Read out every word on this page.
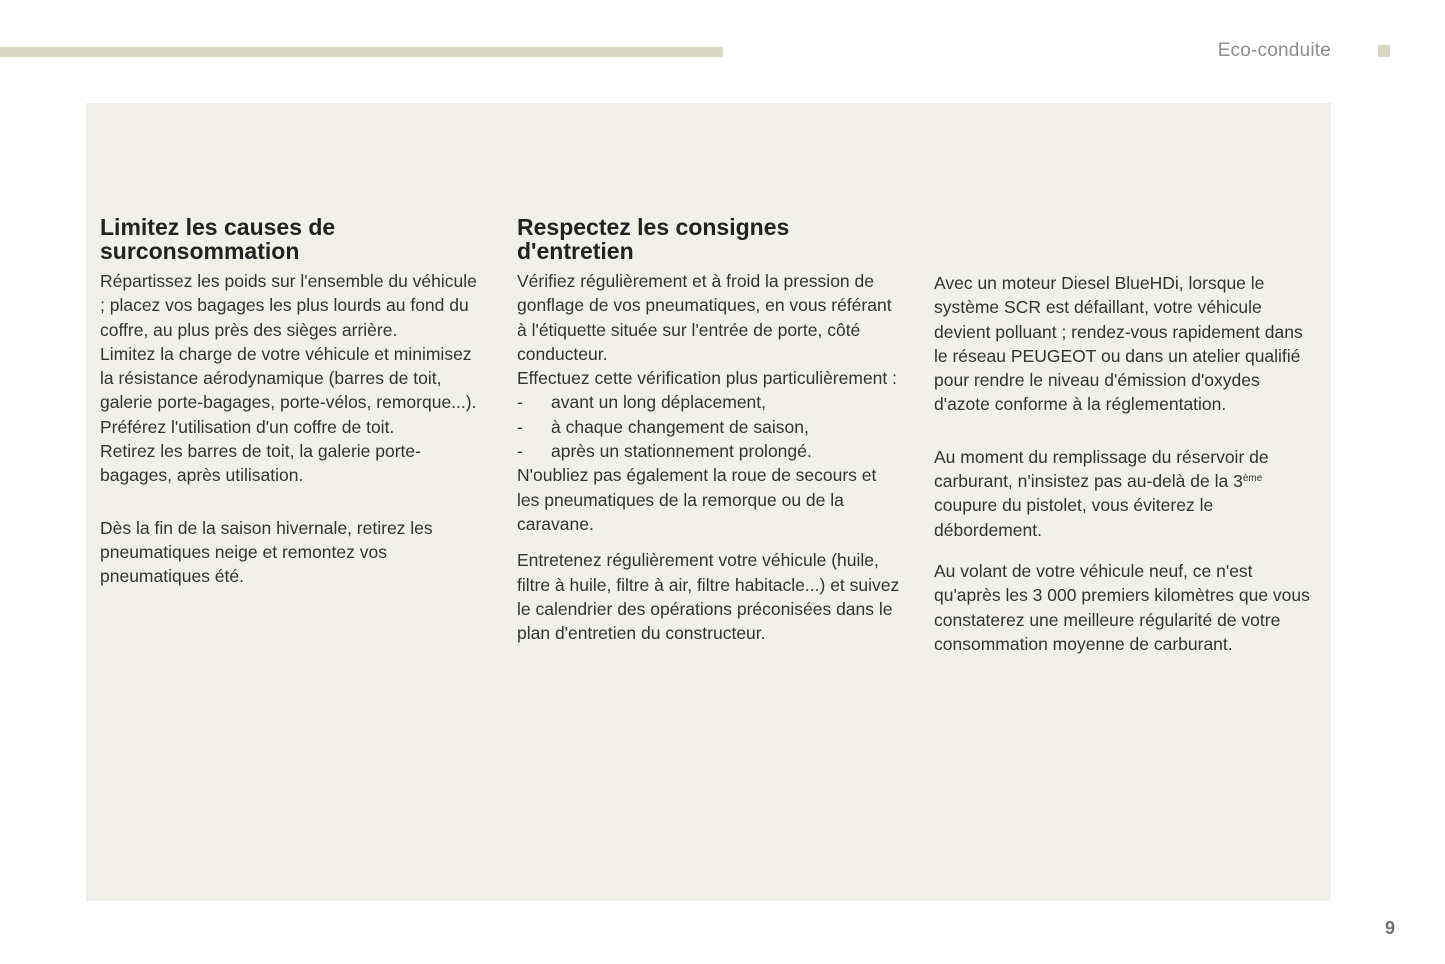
Eco-conduite
Limitez les causes de
surconsommation

Répartissez les poids sur l'ensemble du véhicule ; placez vos bagages les plus lourds au fond du coffre, au plus près des sièges arrière.

Limitez la charge de votre véhicule et minimisez la résistance aérodynamique (barres de toit, galerie porte-bagages, porte-vélos, remorque...). Préférez l'utilisation d'un coffre de toit.

Retirez les barres de toit, la galerie porte-bagages, après utilisation.

Dès la fin de la saison hivernale, retirez les pneumatiques neige et remontez vos pneumatiques été.

Respectez les consignes
d'entretien

Vérifiez régulièrement et à froid la pression de gonflage de vos pneumatiques, en vous référant à l'étiquette située sur l'entrée de porte, côté conducteur.

Effectuez cette vérification plus particulièrement :

-	avant un long déplacement,
-	à chaque changement de saison,
-	après un stationnement prolongé.

N'oubliez pas également la roue de secours et les pneumatiques de la remorque ou de la caravane.

Entretenez régulièrement votre véhicule (huile, filtre à huile, filtre à air, filtre habitacle...) et suivez le calendrier des opérations préconisées dans le plan d'entretien du constructeur.

Avec un moteur Diesel BlueHDi, lorsque le système SCR est défaillant, votre véhicule devient polluant ; rendez-vous rapidement dans le réseau PEUGEOT ou dans un atelier qualifié pour rendre le niveau d'émission d'oxydes d'azote conforme à la réglementation.

Au moment du remplissage du réservoir de carburant, n'insistez pas au-delà de la 3ème coupure du pistolet, vous éviterez le débordement.

Au volant de votre véhicule neuf, ce n'est qu'après les 3 000 premiers kilomètres que vous constaterez une meilleure régularité de votre consommation moyenne de carburant.

9
